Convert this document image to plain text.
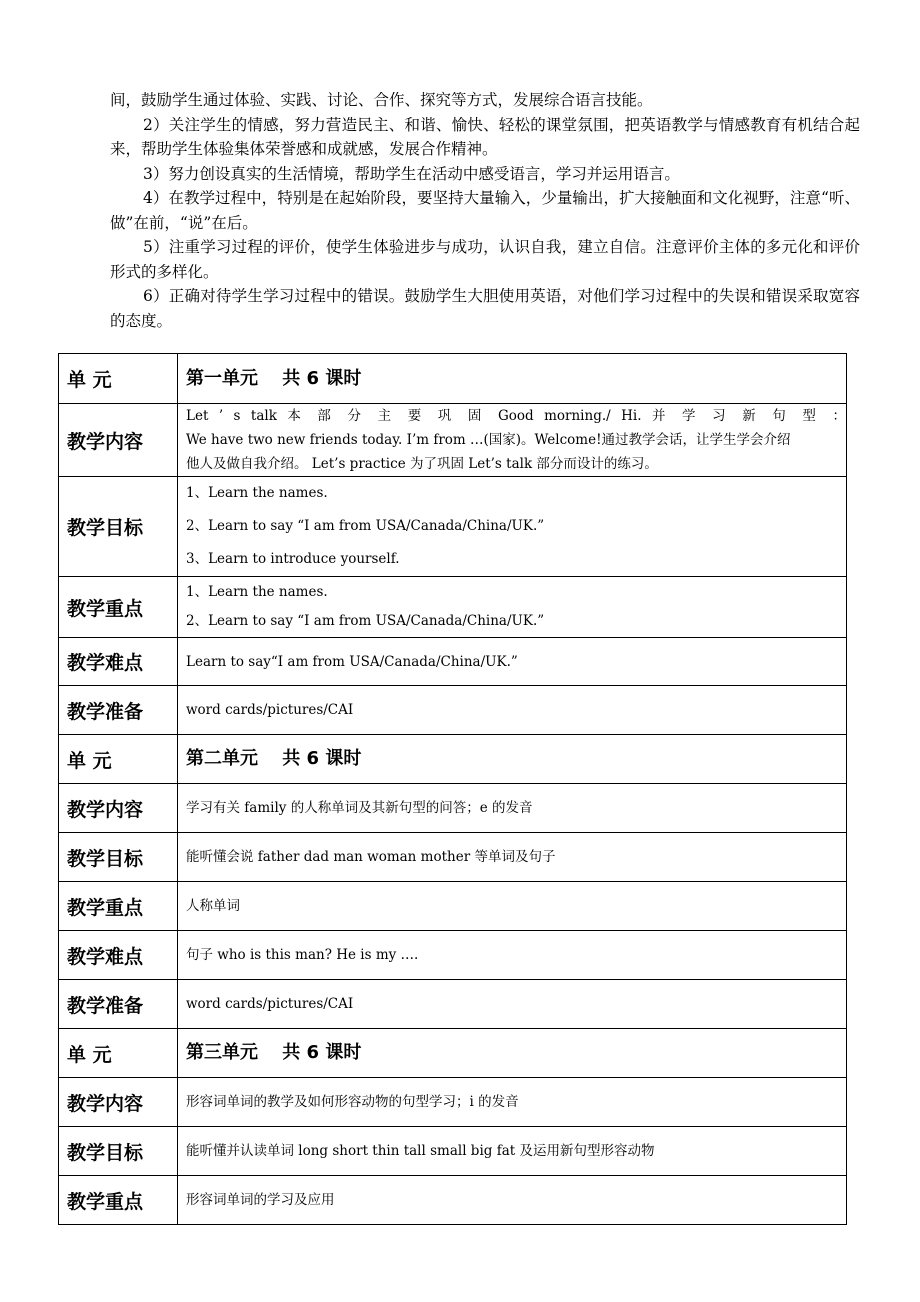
间，鼓励学生通过体验、实践、讨论、合作、探究等方式，发展综合语言技能。

2）关注学生的情感，努力营造民主、和谐、愉快、轻松的课堂氛围，把英语教学与情感教育有机结合起来，帮助学生体验集体荣誉感和成就感，发展合作精神。

3）努力创设真实的生活情境，帮助学生在活动中感受语言，学习并运用语言。

4）在教学过程中，特别是在起始阶段，要坚持大量输入，少量输出，扩大接触面和文化视野，注意“听、做”在前，“说”在后。

5）注重学习过程的评价，使学生体验进步与成功，认识自我，建立自信。注意评价主体的多元化和评价形式的多样化。

6）正确对待学生学习过程中的错误。鼓励学生大胆使用英语，对他们学习过程中的失误和错误采取宽容的态度。

单 元	第一单元　 共 6 课时
教学内容	Let ’ s talk 本 部 分 主 要 巩 固 Good morning./ Hi. 并 学 习 新 句 型 ：
We have two new friends today. I’m from …(国家)。Welcome!通过教学会话，让学生学会介绍
他人及做自我介绍。 Let’s practice 为了巩固 Let’s talk 部分而设计的练习。

教学目标	1、Learn the names.
2、Learn to say “I am from USA/Canada/China/UK.”
3、Learn to introduce yourself.

教学重点	1、Learn the names.
2、Learn to say “I am from USA/Canada/China/UK.”

教学难点	Learn to say“I am from USA/Canada/China/UK.”
教学准备	word cards/pictures/CAI
单 元	第二单元　 共 6 课时
教学内容	学习有关 family 的人称单词及其新句型的问答；e 的发音
教学目标	能听懂会说 father dad man woman mother 等单词及句子
教学重点	人称单词
教学难点	句子 who is this man? He is my ….
教学准备	word cards/pictures/CAI
单 元	第三单元　 共 6 课时
教学内容	形容词单词的教学及如何形容动物的句型学习；i 的发音
教学目标	能听懂并认读单词 long short thin tall small big fat 及运用新句型形容动物
教学重点	形容词单词的学习及应用
